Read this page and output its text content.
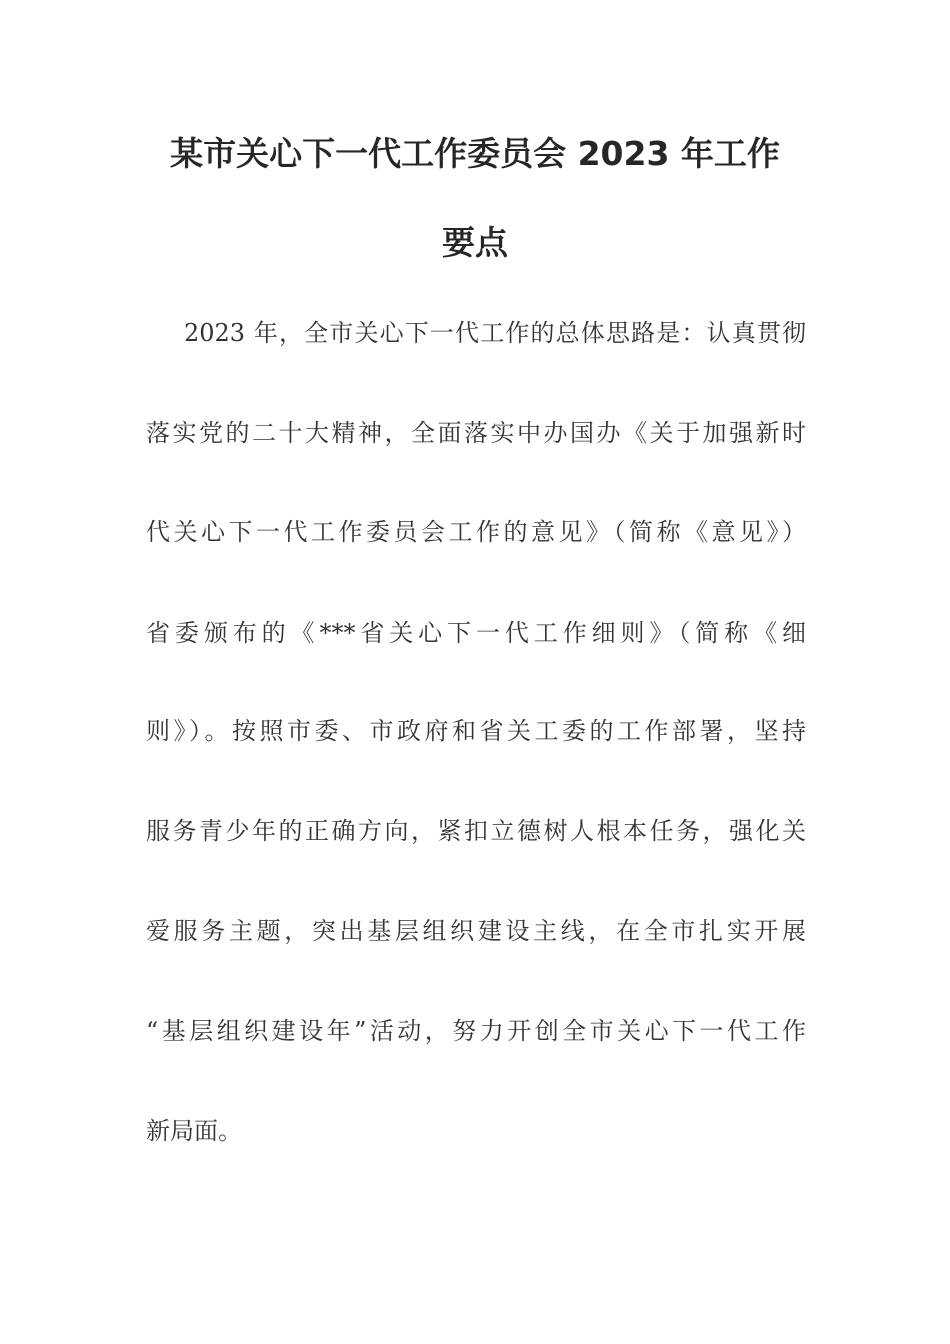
某市关心下一代工作委员会 2023 年工作
要点
2023 年，全市关心下一代工作的总体思路是：认真贯彻
落实党的二十大精神，全面落实中办国办《关于加强新时
代关心下一代工作委员会工作的意见》（简称《意见》）
省委颁布的《***省关心下一代工作细则》（简称《细
则》）。按照市委、市政府和省关工委的工作部署，坚持
服务青少年的正确方向，紧扣立德树人根本任务，强化关
爱服务主题，突出基层组织建设主线，在全市扎实开展
“基层组织建设年”活动，努力开创全市关心下一代工作
新局面。
